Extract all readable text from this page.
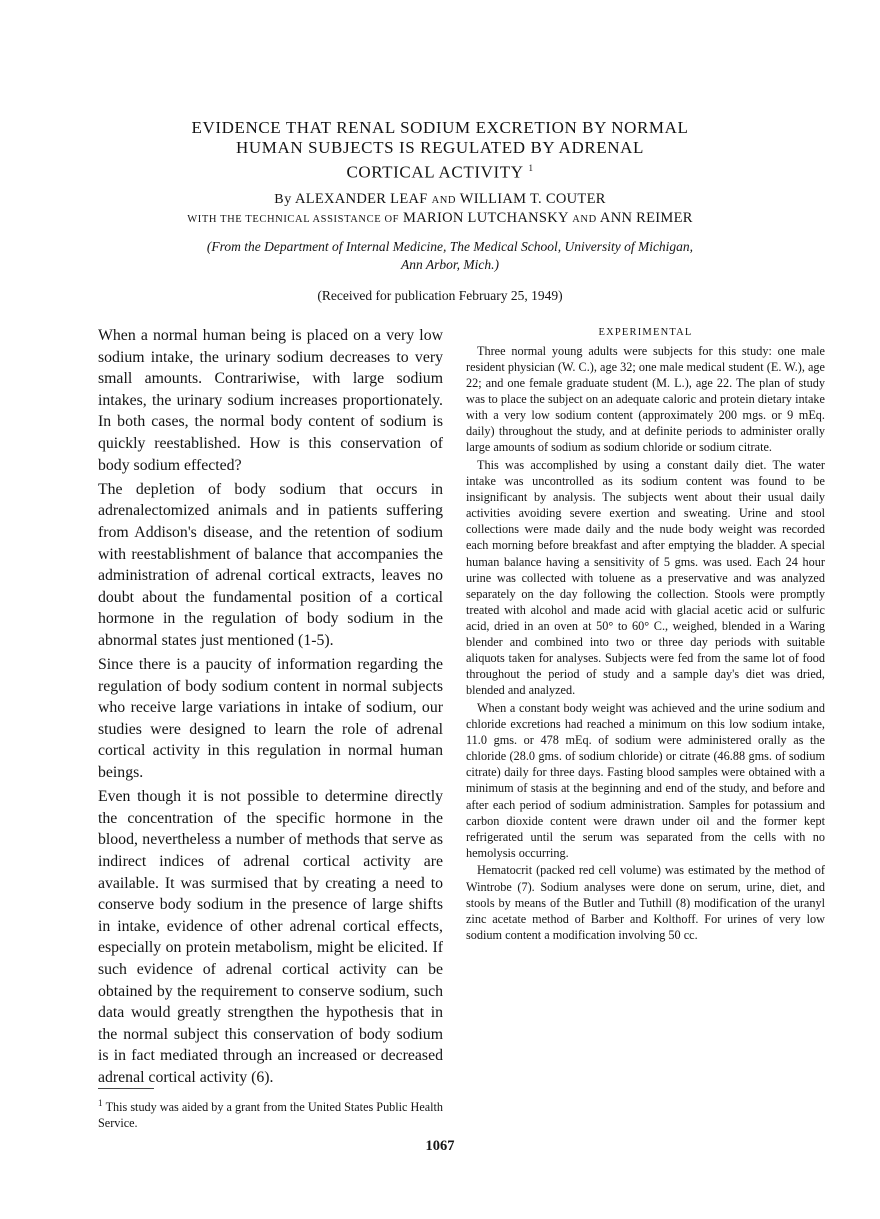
EVIDENCE THAT RENAL SODIUM EXCRETION BY NORMAL
HUMAN SUBJECTS IS REGULATED BY ADRENAL
CORTICAL ACTIVITY $^1$
By ALEXANDER LEAF AND WILLIAM T. COUTER
WITH THE TECHNICAL ASSISTANCE OF MARION LUTCHANSKY AND ANN REIMER
(From the Department of Internal Medicine, The Medical School, University of Michigan,
Ann Arbor, Mich.)
(Received for publication February 25, 1949)

When a normal human being is placed on a very low sodium intake, the urinary sodium decreases to very small amounts. Contrariwise, with large sodium intakes, the urinary sodium increases proportionately. In both cases, the normal body content of sodium is quickly reestablished. How is this conservation of body sodium effected?

The depletion of body sodium that occurs in adrenalectomized animals and in patients suffering from Addison's disease, and the retention of sodium with reestablishment of balance that accompanies the administration of adrenal cortical extracts, leaves no doubt about the fundamental position of a cortical hormone in the regulation of body sodium in the abnormal states just mentioned (1-5).

Since there is a paucity of information regarding the regulation of body sodium content in normal subjects who receive large variations in intake of sodium, our studies were designed to learn the role of adrenal cortical activity in this regulation in normal human beings.

Even though it is not possible to determine directly the concentration of the specific hormone in the blood, nevertheless a number of methods that serve as indirect indices of adrenal cortical activity are available. It was surmised that by creating a need to conserve body sodium in the presence of large shifts in intake, evidence of other adrenal cortical effects, especially on protein metabolism, might be elicited. If such evidence of adrenal cortical activity can be obtained by the requirement to conserve sodium, such data would greatly strengthen the hypothesis that in the normal subject this conservation of body sodium is in fact mediated through an increased or decreased adrenal cortical activity (6).

EXPERIMENTAL

Three normal young adults were subjects for this study: one male resident physician (W. C.), age 32; one male medical student (E. W.), age 22; and one female graduate student (M. L.), age 22. The plan of study was to place the subject on an adequate caloric and protein dietary intake with a very low sodium content (approximately 200 mgs. or 9 mEq. daily) throughout the study, and at definite periods to administer orally large amounts of sodium as sodium chloride or sodium citrate.

This was accomplished by using a constant daily diet. The water intake was uncontrolled as its sodium content was found to be insignificant by analysis. The subjects went about their usual daily activities avoiding severe exertion and sweating. Urine and stool collections were made daily and the nude body weight was recorded each morning before breakfast and after emptying the bladder. A special human balance having a sensitivity of 5 gms. was used. Each 24 hour urine was collected with toluene as a preservative and was analyzed separately on the day following the collection. Stools were promptly treated with alcohol and made acid with glacial acetic acid or sulfuric acid, dried in an oven at 50° to 60° C., weighed, blended in a Waring blender and combined into two or three day periods with suitable aliquots taken for analyses. Subjects were fed from the same lot of food throughout the period of study and a sample day's diet was dried, blended and analyzed.

When a constant body weight was achieved and the urine sodium and chloride excretions had reached a minimum on this low sodium intake, 11.0 gms. or 478 mEq. of sodium were administered orally as the chloride (28.0 gms. of sodium chloride) or citrate (46.88 gms. of sodium citrate) daily for three days. Fasting blood samples were obtained with a minimum of stasis at the beginning and end of the study, and before and after each period of sodium administration. Samples for potassium and carbon dioxide content were drawn under oil and the former kept refrigerated until the serum was separated from the cells with no hemolysis occurring.

Hematocrit (packed red cell volume) was estimated by the method of Wintrobe (7). Sodium analyses were done on serum, urine, diet, and stools by means of the Butler and Tuthill (8) modification of the uranyl zinc acetate method of Barber and Kolthoff. For urines of very low sodium content a modification involving 50 cc.

$^1$ This study was aided by a grant from the United States Public Health Service.
1067
